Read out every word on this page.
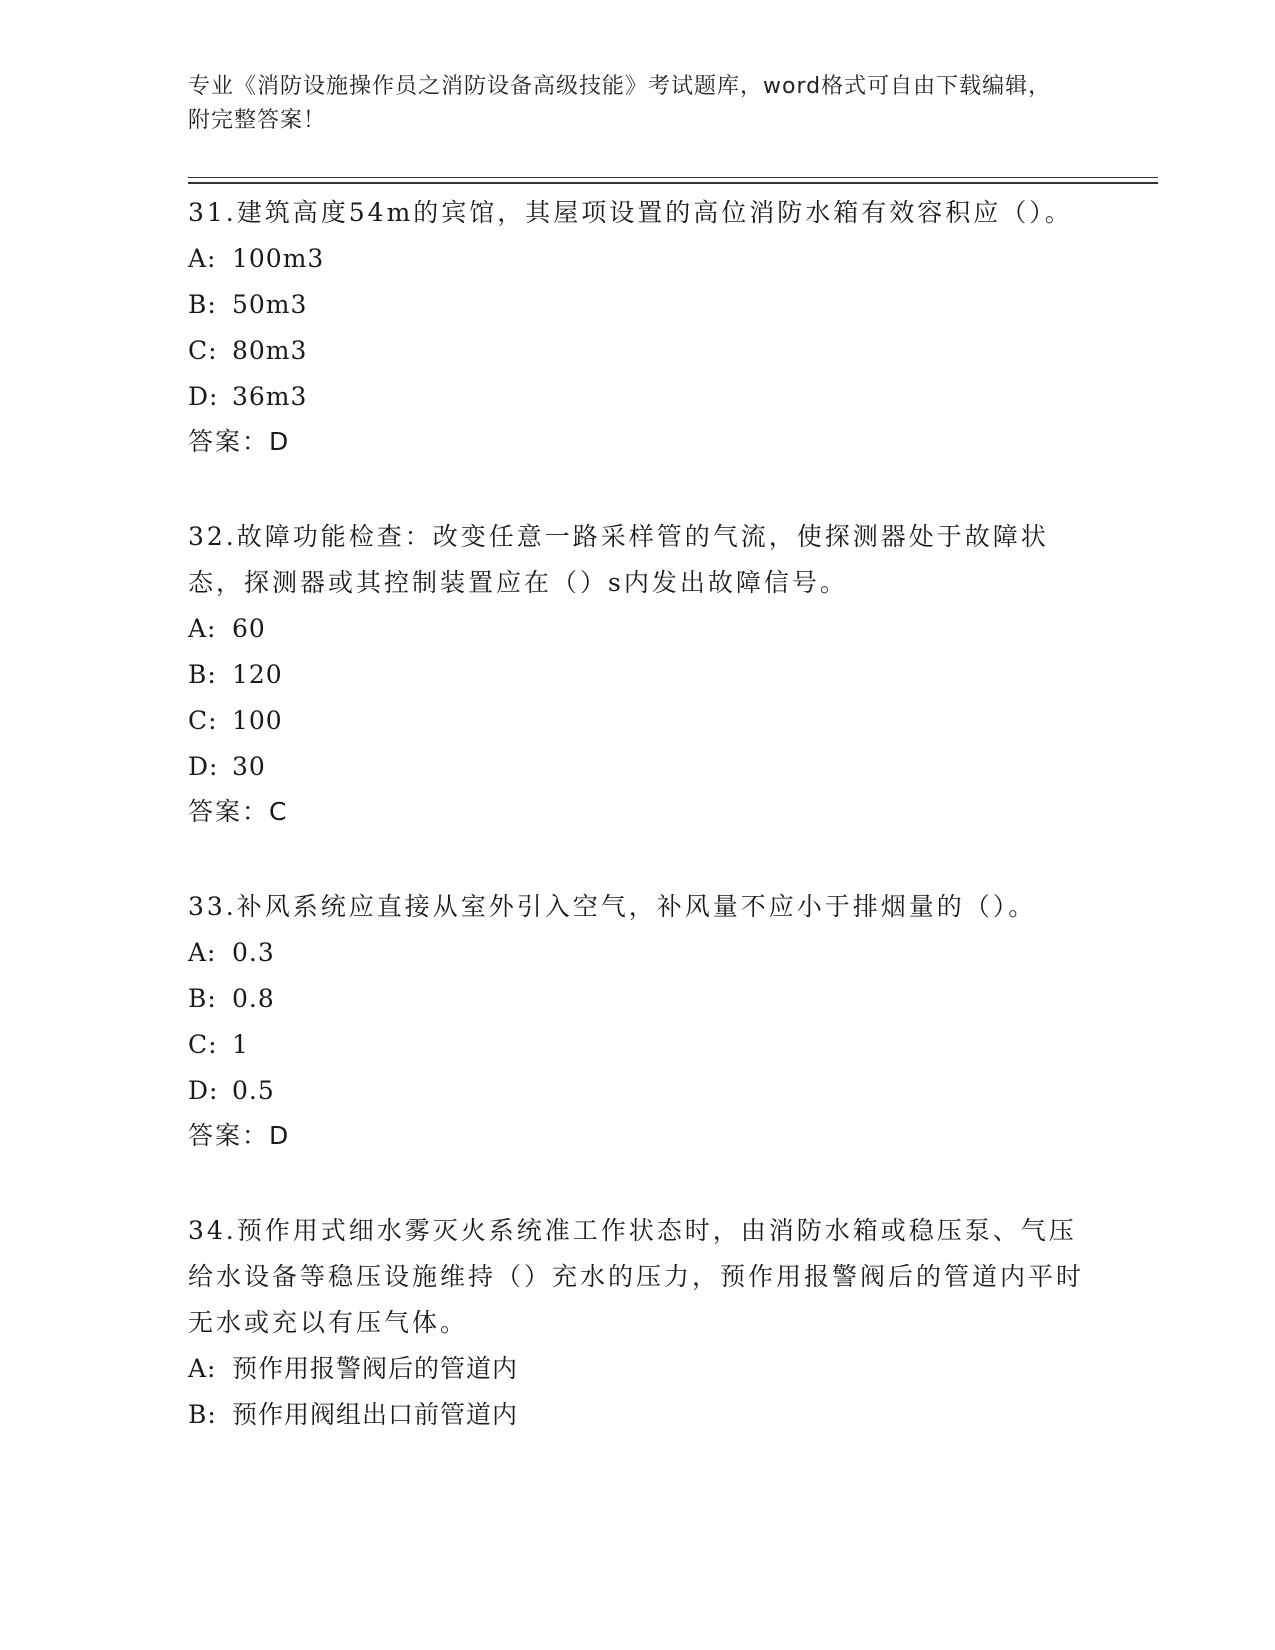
专业《消防设施操作员之消防设备高级技能》考试题库，word格式可自由下载编辑，附完整答案！

31.建筑高度54m的宾馆，其屋项设置的高位消防水箱有效容积应（）。

A: 100m3

B: 50m3

C: 80m3

D: 36m3

答案：D

32.故障功能检查：改变任意一路采样管的气流，使探测器处于故障状态，探测器或其控制装置应在（）s内发出故障信号。

A: 60

B: 120

C: 100

D: 30

答案：C

33.补风系统应直接从室外引入空气，补风量不应小于排烟量的（）。

A: 0.3

B: 0.8

C: 1

D: 0.5

答案：D

34.预作用式细水雾灭火系统准工作状态时，由消防水箱或稳压泵、气压给水设备等稳压设施维持（）充水的压力，预作用报警阀后的管道内平时无水或充以有压气体。

A: 预作用报警阀后的管道内

B: 预作用阀组出口前管道内
